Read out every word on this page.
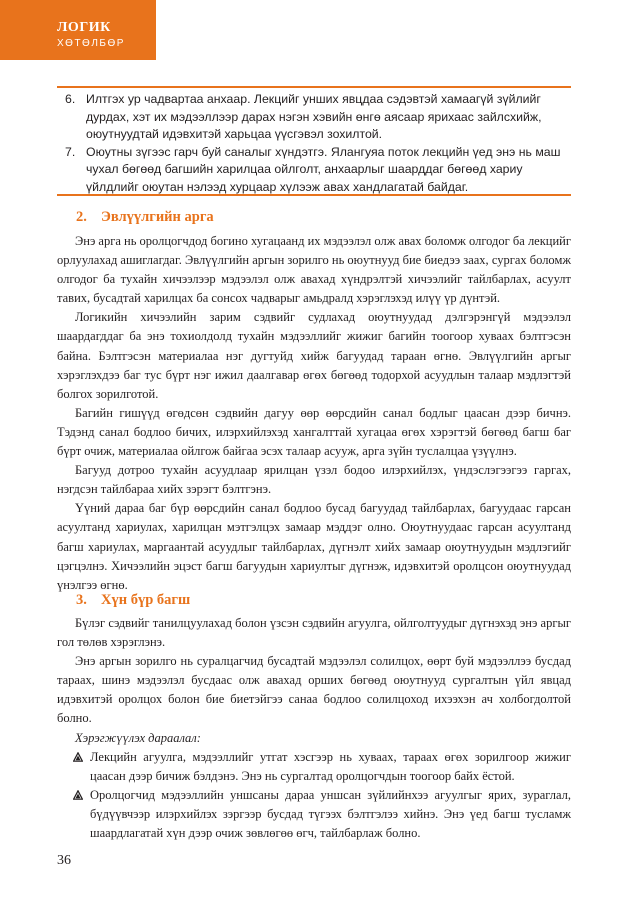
ЛОГИК
ХӨТӨЛБӨР
6. Илтгэх ур чадвартаа анхаар. Лекцийг унших явцдаа сэдэвтэй хамаагүй зүйлийг дурдах, хэт их мэдээллээр дарах нэгэн хэвийн өнгө аясаар ярихаас зайлсхийж, оюутнуудтай идэвхитэй харьцаа үүсгэвэл зохилтой.
7. Оюутны зүгээс гарч буй саналыг хүндэтгэ. Ялангуяа поток лекцийн үед энэ нь маш чухал бөгөөд багшийн харилцаа ойлголт, анхаарлыг шаарддаг бөгөөд хариу үйлдлийг оюутан нэлээд хурцаар хүлээж авах хандлагатай байдаг.
2. Эвлүүлгийн арга

Энэ арга нь оролцогчдод богино хугацаанд их мэдээлэл олж авах боломж олгодог ба лекцийг орлуулахад ашиглагдаг. Эвлүүлгийн аргын зорилго нь оюутнууд бие биедээ заах, сургах боломж олгодог ба тухайн хичээлээр мэдээлэл олж авахад хүндрэлтэй хичээлийг тайлбарлах, асуулт тавих, бусадтай харилцах ба сонсох чадварыг амьдралд хэрэглэхэд илүү үр дүнтэй.

Логикийн хичээлийн зарим сэдвийг судлахад оюутнуудад дэлгэрэнгүй мэдээлэл шаардагддаг ба энэ тохиолдолд тухайн мэдээллийг жижиг багийн тоогоор хуваах бэлтгэсэн байна. Бэлтгэсэн материалаа нэг дугтуйд хийж багуудад тараан өгнө. Эвлүүлгийн аргыг хэрэглэхдээ баг тус бүрт нэг ижил даалгавар өгөх бөгөөд тодорхой асуудлын талаар мэдлэгтэй болгох зорилготой.

Багийн гишүүд өгөдсөн сэдвийн дагуу өөр өөрсдийн санал бодлыг цаасан дээр бичнэ. Тэдэнд санал бодлоо бичих, илэрхийлэхэд хангалттай хугацаа өгөх хэрэгтэй бөгөөд багш баг бүрт очиж, материалаа ойлгож байгаа эсэх талаар асууж, арга зүйн туслалцаа үзүүлнэ.

Багууд дотроо тухайн асуудлаар ярилцан үзэл бодоо илэрхийлэх, үндэслэгээгээ гаргах, нэгдсэн тайлбараа хийх зэрэгт бэлтгэнэ.

Үүний дараа баг бүр өөрсдийн санал бодлоо бусад багуудад тайлбарлах, багуудаас гарсан асуултанд хариулах, харилцан мэтгэлцэх замаар мэддэг олно. Оюутнуудаас гарсан асуултанд багш хариулах, маргаантай асуудлыг тайлбарлах, дүгнэлт хийх замаар оюутнуудын мэдлэгийг цэгцэлнэ. Хичээлийн эцэст багш багуудын хариултыг дүгнэж, идэвхитэй оролцсон оюутнуудад үнэлгээ өгнө.

3. Хүн бүр багш

Бүлэг сэдвийг танилцуулахад болон үзсэн сэдвийн агуулга, ойлголтуудыг дүгнэхэд энэ аргыг гол төлөв хэрэглэнэ.

Энэ аргын зорилго нь суралцагчид бусадтай мэдээлэл солилцох, өөрт буй мэдээллээ бусдад тараах, шинэ мэдээлэл бусдаас олж авахад орших бөгөөд оюутнууд сургалтын үйл явцад идэвхитэй оролцох болон бие биетэйгээ санаа бодлоо солилцоход ихээхэн ач холбогдолтой болно.

Хэрэгжүүлэх дараалал:

Лекцийн агуулга, мэдээллийг утгат хэсгээр нь хуваах, тараах өгөх зорилгоор жижиг цаасан дээр бичиж бэлдэнэ. Энэ нь сургалтад оролцогчдын тоогоор байх ёстой.
Оролцогчид мэдээллийн уншсаны дараа уншсан зүйлийнхээ агуулгыг ярих, зураглал, бүдүүвчээр илэрхийлэх зэргээр бусдад түгээх бэлтгэлээ хийнэ. Энэ үед багш тусламж шаардлагатай хүн дээр очиж зөвлөгөө өгч, тайлбарлаж болно.
36
